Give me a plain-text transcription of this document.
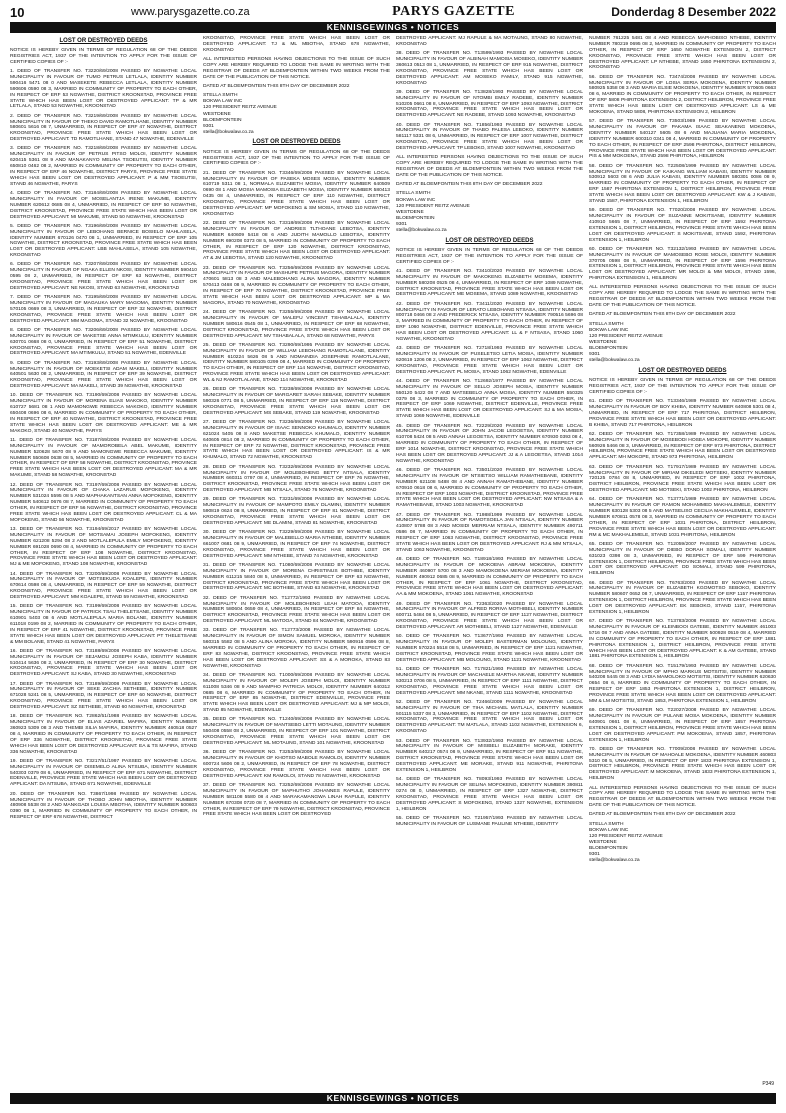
10	www.parysgazette.co.za	PARYS GAZETTE	Donderdag 8 Desember 2022
KENNISGEWINGS • NOTICES
LOST OR DESTROYED DEEDS

NOTICE IS HEREBY GIVEN IN TERMS OF REGULATION 68 OF THE DEEDS REGISTRIES ACT, 1937 OF THE INTENTION TO APPLY FOR THE ISSUE OF CERTIFIED COPIES OF :-

1. DEED OF TRANSFER NO. T3220/69/2008 PASSED BY NGWATHE LOCAL MUNICIPALITY IN FAVOUR OF TUMO PETRUS LETLALA, IDENTITY NUMBER 590416 5471 08 0 AND MASEKETE REBECCA LETLALA, IDENTITY NUMBER 590606 0590 08 3, MARRIED IN COMMUNITY OF PROPERTY TO EACH OTHER, IN RESPECT OF ERF 53 NGWATHE, DISTRICT KROONSTAD, PROVINCE FREE STATE WHICH HAS BEEN LOST OR DESTROYED APPLICANT: TP & MR LETLALA, STAND 53 NGWATHE, KROONSTAD

2. DEED OF TRANSFER NO. T3219/69/2008 PASSED BY NGWATHE LOCAL MUNICIPALITY IN FAVOUR OF THEKO DAVID RAMOTLHANE, IDENTITY NUMBER 580601 5616 08 7, UNMARRIED, IN RESPECT OF ERF 47 NGWATHE, DISTRICT KROONSTAD, PROVINCE FREE STATE WHICH HAS BEEN LOST OR DESTROYED APPLICANT: TD RAMOTLHANE, STAND 47 NGWATHE, EDENVILLE

3. DEED OF TRANSFER NO. T3218/69/2008 PASSED BY NGWATHE LOCAL MUNICIPALITY IN FAVOUR OF PETRUS PITSO MOLOI, IDENTITY NUMBER 620415 5361 08 9 AND MANAKANYO MELINA TSOEUTSI, IDENTITY NUMBER 650810 0462 08 2, MARRIED IN COMMUNITY OF PROPERTY TO EACH OTHER, IN RESPECT OF ERF 46 NGWATHE, DISTRICT PARYS, PROVINCE FREE STATE WHICH HAS BEEN LOST OR DESTROYED APPLICANT: P & MM TSOEUTSI, STAND 46 NGWATHE, PARYS

4. DEED OF TRANSFER NO. T3184/69/2008 PASSED BY NGWATHE LOCAL MUNICIPALITY IN FAVOUR OF MOSELANTJA IRENE MAKUME, IDENTITY NUMBER 620612 0685 08 4, UNMARRIED, IN RESPECT OF ERF 50 NGWATHE, DISTRICT KROONSTAD, PROVINCE FREE STATE WHICH HAS BEEN LOST OR DESTROYED APPLICANT: MI MAKUME, STAND 50 NGWATHE, KROONSTAD

5. DEED OF TRANSFER NO. T3196/69/2008 PASSED BY NGWATHE LOCAL MUNICIPALITY IN FAVOUR OF LEBOHANG BERNICE BOSIELO MAHLASELA, IDENTITY NUMBER 670126 0470 08 1, UNMARRIED, IN RESPECT OF ERF 105 NGWATHE, DISTRICT KROONSTAD, PROVINCE FREE STATE WHICH HAS BEEN LOST OR DESTROYED APPLICANT: LBB MAHLASELA, STAND 105 NGWATHE, KROONSTAD

6. DEED OF TRANSFER NO. T3207/69/2008 PASSED BY NGWATHE LOCAL MUNICIPALITY IN FAVOUR OF NGAKA ELLEN NKOSI, IDENTITY NUMBER 590410 0595 08 2, UNMARRIED, IN RESPECT OF ERF 63 NGWATHE, DISTRICT KROONSTAD, PROVINCE FREE STATE WHICH HAS BEEN LOST OR DESTROYED APPLICANT: NE NKOSI, STAND 63 NGWATHE, KROONSTAD

7. DEED OF TRANSFER NO. T3195/69/2008 PASSED BY NGWATHE LOCAL MUNICIPALITY IN FAVOUR OF MAGAUKA MARY MAGOMA, IDENTITY NUMBER 570105 0669 08 3, UNMARRIED, IN RESPECT OF ERF 32 NGWATHE, DISTRICT KROONSTAD, PROVINCE FREE STATE WHICH HAS BEEN LOST OR DESTROYED APPLICANT: MM MAGOMA, STAND 32 NGWATHE, KROONSTAD

8. DEED OF TRANSFER NO. T3206/69/2008 PASSED BY NGWATHE LOCAL MUNICIPALITY IN FAVOUR OF MAKETSE ANNA MTIMKULU, IDENTITY NUMBER 630701 0668 08 0, UNMARRIED, IN RESPECT OF ERF 51 NGWATHE, DISTRICT KROONSTAD, PROVINCE FREE STATE WHICH HAS BEEN LOST OR DESTROYED APPLICANT: MA MTIMKULU, STAND 51 NGWATHE, EDENVILLE

9. DEED OF TRANSFER NO. T3193/69/2008 PASSED BY NGWATHE LOCAL MUNICIPALITY IN FAVOUR OF MOEKETSI ADAM MAKELI, IDENTITY NUMBER 640501 5630 08 2, UNMARRIED, IN RESPECT OF ERF 39 NGWATHE, DISTRICT KROONSTAD, PROVINCE FREE STATE WHICH HAS BEEN LOST OR DESTROYED APPLICANT: MA MAKELI, STAND 39 NGWATHE, KROONSTAD

10. DEED OF TRANSFER NO. T3190/69/2008 PASSED BY NGWATHE LOCAL MUNICIPALITY IN FAVOUR OF MORENA ELIAS MAKOKO, IDENTITY NUMBER 610727 5681 08 1 AND MAMONGWE REBECCA MAKOKO, IDENTITY NUMBER 650408 0696 08 6, MARRIED IN COMMUNITY OF PROPERTY TO EACH OTHER, IN RESPECT OF ERF 40 NGWATHE, DISTRICT KROONSTAD, PROVINCE FREE STATE WHICH HAS BEEN LOST OR DESTROYED APPLICANT: ME & MR MAKOKO, STAND 40 NGWATHE, PARYS

11. DEED OF TRANSFER NO. T3187/69/2008 PASSED BY NGWATHE LOCAL MUNICIPALITY IN FAVOUR OF MAMOROBELA ABEL MAKUME, IDENTITY NUMBER 520628 5670 08 9 AND MAMONGWE REBECCA MAKUME, IDENTITY NUMBER 550608 0638 08 5, MARRIED IN COMMUNITY OF PROPERTY TO EACH OTHER, IN RESPECT OF ERF 58 NGWATHE, DISTRICT KROONSTAD, PROVINCE FREE STATE WHICH HAS BEEN LOST OR DESTROYED APPLICANT: MA & MR MAKUME, STAND 58 NGWATHE, KROONSTAD

12. DEED OF TRANSFER NO. T3197/69/2008 PASSED BY NGWATHE LOCAL MUNICIPALITY IN FAVOUR OF CHAKA LAZARUS MOFOKENG, IDENTITY NUMBER 531024 5595 08 5 AND MAPHAKANTSAN ANNA MOFOKENG, IDENTITY NUMBER 540612 0676 08 7, MARRIED IN COMMUNITY OF PROPERTY TO EACH OTHER, IN RESPECT OF ERF 56 NGWATHE, DISTRICT KROONSTAD, PROVINCE FREE STATE WHICH HAS BEEN LOST OR DESTROYED APPLICANT: CL & MA MOFOKENG, STAND 56 NGWATHE, KROONSTAD

13. DEED OF TRANSFER NO. T3194/69/2017 PASSED BY NGWATHE LOCAL MUNICIPALITY IN FAVOUR OF MOTSAMAI JOSEPH MOFOKENG, IDENTITY NUMBER 621208 5294 08 2 AND MOTLALEPULA EMILY MOFOKENG, IDENTITY NUMBER 691028 0690 08 4, MARRIED IN COMMUNITY OF PROPERTY TO EACH OTHER, IN RESPECT OF ERF 108 NGWATHE, DISTRICT KROONSTAD, PROVINCE FREE STATE WHICH HAS BEEN LOST OR DESTROYED APPLICANT: MJ & ME MOFOKENG, STAND 108 NGWATHE, KROONSTAD

14. DEED OF TRANSFER NO. T3200/69/2008 PASSED BY NGWATHE LOCAL MUNICIPALITY IN FAVOUR OF MOTSEKUOA KOALEPE, IDENTITY NUMBER 670614 0598 08 4, UNMARRIED, IN RESPECT OF ERF 59 NGWATHE, DISTRICT KROONSTAD, PROVINCE FREE STATE WHICH HAS BEEN LOST OR DESTROYED APPLICANT: MM KOALEPE, STAND 59 NGWATHE, KROONSTAD

15. DEED OF TRANSFER NO. T3199/69/2008 PASSED BY NGWATHE LOCAL MUNICIPALITY IN FAVOUR OF PATRICK TSAU THELETSANE, IDENTITY NUMBER 610901 5403 08 6 AND MOTLALEPULA MARIA BOLANE, IDENTITY NUMBER 611018 0199 08 2, MARRIED IN COMMUNITY OF PROPERTY TO EACH OTHER, IN RESPECT OF ERF 41 NGWATHE, DISTRICT KROONSTAD, PROVINCE FREE STATE WHICH HAS BEEN LOST OR DESTROYED APPLICANT: PT THELETSANE & MM BOLANE, STAND 41 NGWATHE, PARYS

16. DEED OF TRANSFER NO. T3188/69/2008 PASSED BY NGWATHE LOCAL MUNICIPALITY IN FAVOUR OF SEJAMOLI JOSEPH KABA, IDENTITY NUMBER 510414 5636 08 2, UNMARRIED, IN RESPECT OF ERF 30 NGWATHE, DISTRICT KROONSTAD, PROVINCE FREE STATE WHICH HAS BEEN LOST OR DESTROYED APPLICANT: SJ KABA, STAND 30 NGWATHE, KROONSTAD

17. DEED OF TRANSFER NO. T3189/69/2008 PASSED BY NGWATHE LOCAL MUNICIPALITY IN FAVOUR OF SEKE ZACHIA SETHEBE, IDENTITY NUMBER 671028 5241 08 5, UNMARRIED, IN RESPECT OF ERF 60 NGWATHE, DISTRICT KROONSTAD, PROVINCE FREE STATE WHICH HAS BEEN LOST OR DESTROYED APPLICANT: SZ SETHEBE, STAND 60 NGWATHE, KROONSTAD

18. DEED OF TRANSFER NO. T2862/51/1988 PASSED BY NGWATHE LOCAL MUNICIPALITY IN FAVOUR OF ELIAS AZARIEL MAFIRA, IDENTITY NUMBER 360923 5309 08 3 AND THEMBI SILIA MAFIRA, IDENTITY NUMBER 460518 0527 08 4, MARRIED IN COMMUNITY OF PROPERTY TO EACH OTHER, IN RESPECT OF ERF 336 NGWATHE, DISTRICT KROONSTAD, PROVINCE FREE STATE WHICH HAS BEEN LOST OR DESTROYED APPLICANT: EA & TS MAFIRA, STAND 336 NGWATHE, KROONSTAD

19. DEED OF TRANSFER NO. T3217/51/1997 PASSED BY NGWATHE LOCAL MUNICIPALITY IN FAVOUR OF DISEMELO ALINA NTSUBA, IDENTITY NUMBER 540303 0379 08 6, UNMARRIED, IN RESPECT OF ERF 671 NGWATHE, DISTRICT EDENVILLE, PROVINCE FREE STATE WHICH HAS BEEN LOST OR DESTROYED APPLICANT: DA NTSUBA, STAND 671 NGWATHE, EDENVILLE

20. DEED OF TRANSFER NO. T3867/1998 PASSED BY NGWATHE LOCAL MUNICIPALITY IN FAVOUR OF THOBO JOHN MBOTHA, IDENTITY NUMBER 480908 5538 08 2 AND MANKGADI LOUISA MBOTHA, IDENTITY NUMBER 500603 0390 08 1, MARRIED IN COMMUNITY OF PROPERTY TO EACH OTHER, IN RESPECT OF ERF 678 NGWATHE, DISTRICT

KROONSTAD, PROVINCE FREE STATE WHICH HAS BEEN LOST OR DESTROYED APPLICANT: TJ & ML MBOTHA, STAND 678 NGWATHE, KROONSTAD

ALL INTERESTED PERSONS HAVING OBJECTIONS TO THE ISSUE OF SUCH COPY ARE HEREBY REQUIRED TO LODGE THE SAME IN WRITING WITH THE REGISTRAR OF DEEDS AT BLOEMFONTEIN WITHIN TWO WEEKS FROM THE DATE OF THE PUBLICATION OF THIS NOTICE.

DATED AT BLOEMFONTEIN THIS 8TH DAY OF DECEMBER 2022

STELLA SMITH
BOKWA LAW INC
120 PRESIDENT REITZ AVENUE
WESTDENE
BLOEMFONTEIN
9301
stella@bokwalaw.co.za
LOST OR DESTROYED DEEDS

NOTICE IS HEREBY GIVEN IN TERMS OF REGULATION 68 OF THE DEEDS REGISTRIES ACT, 1937 OF THE INTENTION TO APPLY FOR THE ISSUE OF CERTIFIED COPIES OF :-

21. DEED OF TRANSFER NO. T3346/69/2008 PASSED BY NGWATHE LOCAL MUNICIPALITY IN FAVOUR OF PASEKA MOSES MOSIA, IDENTITY NUMBER 610719 5311 08 1, NORMALA ELIZABETH MOSIA, IDENTITY NUMBER 640509 0690 08 1 AND MOSIA MAMOSIA ELIZABETH MOSIA, IDENTITY NUMBER 580413 0435 08 4, UNMARRIED, IN RESPECT OF ERF 110 NGWATHE, DISTRICT KROONSTAD, PROVINCE FREE STATE WHICH HAS BEEN LOST OR DESTROYED APPLICANT: MP MOFOKENG & SM MOSIA, STAND 110 NGWATHE, KROONSTAD

22. DEED OF TRANSFER NO. T3318/69/2008 PASSED BY NGWATHE LOCAL MUNICIPALITY IN FAVOUR OF ANDRIES TLTHOANE LEBOTSA, IDENTITY NUMBER 640609 5418 08 6 AND JUDITH MAMOLLO LEBOTSA, IDENTITY NUMBER 690208 0373 08 5, MARRIED IN COMMUNITY OF PROPERTY TO EACH OTHER, IN RESPECT OF ERF 120 NGWATHE, DISTRICT KROONSTAD, PROVINCE FREE STATE WHICH HAS BEEN LOST OR DESTROYED APPLICANT: AT & JM LEBOTSA, STAND 120 NGWATHE, KROONSTAD

23. DEED OF TRANSFER NO. T3256/69/2008 PASSED BY NGWATHE LOCAL MUNICIPALITY IN FAVOUR OF MASHUPE PETRUS MAGORA, IDENTITY NUMBER 470601 5813 08 3 AND MALEBOHANG ALINA MAGORA, IDENTITY NUMBER 570413 0468 08 9, MARRIED IN COMMUNITY OF PROPERTY TO EACH OTHER, IN RESPECT OF ERF 70 NGWATHE, DISTRICT KROONSTAD, PROVINCE FREE STATE WHICH HAS BEEN LOST OR DESTROYED APPLICANT: MP & MA MAGORA, STAND 70 NGWATHE, KROONSTAD

24. DEED OF TRANSFER NO. T3255/69/2008 PASSED BY NGWATHE LOCAL MUNICIPALITY IN FAVOUR OF MALEFU VINCENT TSHABALALA, IDENTITY NUMBER 580616 0545 08 1, UNMARRIED, IN RESPECT OF ERF 68 NGWATHE, DISTRICT KROONSTAD, PROVINCE FREE STATE WHICH HAS BEEN LOST OR DESTROYED APPLICANT: MV TSHABALALA, STAND 68 NGWATHE, PARYS

25. DEED OF TRANSFER NO. T3290/69/1995 PASSED BY NGWATHE LOCAL MUNICIPALITY IN FAVOUR OF WILLIAM LEBOHANG RAMOTLALANE, IDENTITY NUMBER 610224 5626 08 5 AND NOMAINDIA JOSEPHINE RAMOTLALANE, IDENTITY NUMBER 580105 0299 08 4, MARRIED IN COMMUNITY OF PROPERTY TO EACH OTHER, IN RESPECT OF ERF 114 NGWATHE, DISTRICT KROONSTAD, PROVINCE FREE STATE WHICH HAS BEEN LOST OR DESTROYED APPLICANT: WL & NJ RAMOTLALANE, STAND 114 NGWATHE, KROONSTAD

26. DEED OF TRANSFER NO. T3238/69/2008 PASSED BY NGWATHE LOCAL MUNICIPALITY IN FAVOUR OF MARGARET SARAH SEBAKE, IDENTITY NUMBER 590326 0771 08 5, UNMARRIED, IN RESPECT OF ERF 119 NGWATHE, DISTRICT KROONSTAD, PROVINCE FREE STATE WHICH HAS BEEN LOST OR DESTROYED APPLICANT: MS SEBAKE, STAND 119 NGWATHE, KROONSTAD

27. DEED OF TRANSFER NO. T3236/69/2008 PASSED BY NGWATHE LOCAL MUNICIPALITY IN FAVOUR OF ISAAC SENNOKO KHUMALO, IDENTITY NUMBER 621024 5405 08 8 AND MAKETSE REBECCA KHUMALO, IDENTITY NUMBER 640605 0814 08 2, MARRIED IN COMMUNITY OF PROPERTY TO EACH OTHER, IN RESPECT OF ERF 72 NGWATHE, DISTRICT KROONSTAD, PROVINCE FREE STATE WHICH HAS BEEN LOST OR DESTROYED APPLICANT: IS & MR KHUMALO, STAND 72 NGWATHE, KROONSTAD

28. DEED OF TRANSFER NO. T3232/69/2008 PASSED BY NGWATHE LOCAL MUNICIPALITY IN FAVOUR OF MOLEBOHENG BETTY NTSALA, IDENTITY NUMBER 660311 0797 08 4, UNMARRIED, IN RESPECT OF ERF 76 NGWATHE, DISTRICT KROONSTAD, PROVINCE FREE STATE WHICH HAS BEEN LOST OR DESTROYED APPLICANT: MB NTSALA, STAND 76 NGWATHE, KROONSTAD

29. DEED OF TRANSFER NO. T3231/69/2008 PASSED BY NGWATHE LOCAL MUNICIPALITY IN FAVOUR OF MAMPOTO EMILY DLAMINI, IDENTITY NUMBER 590819 0624 08 8, UNMARRIED, IN RESPECT OF ERF 81 NGWATHE, DISTRICT KROONSTAD, PROVINCE FREE STATE WHICH HAS BEEN LOST OR DESTROYED APPLICANT: ME DLAMINI, STAND 81 NGWATHE, KROONSTAD

30. DEED OF TRANSFER NO. T3229/69/2008 PASSED BY NGWATHE LOCAL MUNICIPALITY IN FAVOUR OF MALEBELLO MARIA NTHEBE, IDENTITY NUMBER 661007 0681 08 9, UNMARRIED, IN RESPECT OF ERF 74 NGWATHE, DISTRICT KROONSTAD, PROVINCE FREE STATE WHICH HAS BEEN LOST OR DESTROYED APPLICANT: MM NTHEBE, STAND 74 NGWATHE, KROONSTAD

31. DEED OF TRANSFER NO. T1080/69/2008 PASSED BY NGWATHE LOCAL MUNICIPALITY IN FAVOUR OF MORENA CHRISTINUS BOTHIBE, IDENTITY NUMBER 611215 5840 08 5, UNMARRIED, IN RESPECT OF ERF 63 NGWATHE, DISTRICT KROONSTAD, PROVINCE FREE STATE WHICH HAS BEEN LOST OR DESTROYED APPLICANT: MC BOTHIBE, STAND 63 NGWATHE, KROONSTAD

32. DEED OF TRANSFER NO. T12772/1993 PASSED BY NGWATHE LOCAL MUNICIPALITY IN FAVOUR OF MOLEBOHENG LEAH MATOOA, IDENTITY NUMBER 580604 0659 08 4, UNMARRIED, IN RESPECT OF ERF 84 NGWATHE, DISTRICT KROONSTAD, PROVINCE FREE STATE WHICH HAS BEEN LOST OR DESTROYED APPLICANT: ML MATOOA, STAND 84 NGWATHE, KROONSTAD

33. DEED OF TRANSFER NO. T12773/2008 PASSED BY NGWATHE LOCAL MUNICIPALITY IN FAVOUR OF SIMON SAMUEL MOROKA, IDENTITY NUMBER 560315 5582 08 5 AND ALINA MOROKA, IDENTITY NUMBER 590916 0596 08 8, MARRIED IN COMMUNITY OF PROPERTY TO EACH OTHER, IN RESPECT OF ERF 83 NGWATHE, DISTRICT KROONSTAD, PROVINCE FREE STATE WHICH HAS BEEN LOST OR DESTROYED APPLICANT: SS & A MOROKA, STAND 83 NGWATHE, KROONSTAD

34. DEED OF TRANSFER NO. T1000/69/2008 PASSED BY NGWATHE LOCAL MUNICIPALITY IN FAVOUR OF MOLEFI JOSEPH MOLOI, IDENTITY NUMBER 611008 5346 08 9 AND MAMPHO PATRICIA MOLOI, IDENTITY NUMBER 640312 0685 08 6, MARRIED IN COMMUNITY OF PROPERTY TO EACH OTHER, IN RESPECT OF ERF 85 NGWATHE, DISTRICT EDENVILLE, PROVINCE FREE STATE WHICH HAS BEEN LOST OR DESTROYED APPLICANT: MJ & MP MOLOI, STAND 85 NGWATHE, EDENVILLE

35. DEED OF TRANSFER NO. T1240/69/2008 PASSED BY NGWATHE LOCAL MUNICIPALITY IN FAVOUR OF MANTSEBO LETTI MOTAUNG, IDENTITY NUMBER 550408 0558 08 2, UNMARRIED, IN RESPECT OF ERF 101 NGWATHE, DISTRICT KROONSTAD, PROVINCE FREE STATE WHICH HAS BEEN LOST OR DESTROYED APPLICANT: ML MOTAUNG, STAND 101 NGWATHE, KROONSTAD

36. DEED OF TRANSFER NO. T3253/69/2008 PASSED BY NGWATHE LOCAL MUNICIPALITY IN FAVOUR OF KHOTSO MABOLE RAMOLOI, IDENTITY NUMBER 600724 5606 08 2, UNMARRIED, IN RESPECT OF ERF 78 NGWATHE, DISTRICT KROONSTAD, PROVINCE FREE STATE WHICH HAS BEEN LOST OR DESTROYED APPLICANT: KM RAMOLOI, STAND 78 NGWATHE, KROONSTAD

37. DEED OF TRANSFER NO. T3252/69/2008 PASSED BY NGWATHE LOCAL MUNICIPALITY IN FAVOUR OF MAPHUTHO JOHANNES RAPULE, IDENTITY NUMBER 581108 5580 08 4 AND MARAKAMANGWA LINAH RAPULE, IDENTITY NUMBER 670308 0720 08 7, MARRIED IN COMMUNITY OF PROPERTY TO EACH OTHER, IN RESPECT OF ERF 79 NGWATHE, DISTRICT KROONSTAD, PROVINCE FREE STATE WHICH HAS BEEN LOST OR DESTROYED

DESTROYED APPLICANT: MJ RAPULE & MA MOTAUNG, STAND 80 NGWATHE, KROONSTAD

38. DEED OF TRANSFER NO. T13599/1993 PASSED BY NGWATHE LOCAL MUNICIPALITY IN FAVOUR OF ALBINAH MAMOSIA MOSEKO, IDENTITY NUMBER 360613 0513 08 1, UNMARRIED, IN RESPECT OF ERF 915 NGWATHE, DISTRICT KROONSTAD, PROVINCE FREE STATE WHICH HAS BEEN LOST OR DESTROYED APPLICANT: AM MOSEKO FAMILY, STAND 915 NGWATHE, KROONSTAD

39. DEED OF TRANSFER NO. T13828/1993 PASSED BY NGWATHE LOCAL MUNICIPALITY IN FAVOUR OF NTOMBI EMILY RADEBE, IDENTITY NUMBER 510205 0661 08 8, UNMARRIED, IN RESPECT OF ERF 1093 NGWATHE, DISTRICT KROONSTAD, PROVINCE FREE STATE WHICH HAS BEEN LOST OR DESTROYED APPLICANT: NE RADEBE, STAND 1093 NGWATHE, KROONSTAD

40. DEED OF TRANSFER NO. T1856/1993 PASSED BY NGWATHE LOCAL MUNICIPALITY IN FAVOUR OF THABO PALESA LEBOKO, IDENTITY NUMBER 581117 5331 08 6, UNMARRIED, IN RESPECT OF ERF 1007 NGWATHE, DISTRICT KROONSTAD, PROVINCE FREE STATE WHICH HAS BEEN LOST OR DESTROYED APPLICANT: TP LEBOKO, STAND 1007 NGWATHE, KROONSTAD

ALL INTERESTED PERSONS HAVING OBJECTIONS TO THE ISSUE OF SUCH COPY ARE HEREBY REQUIRED TO LODGE THE SAME IN WRITING WITH THE REGISTRAR OF DEEDS AT BLOEMFONTEIN WITHIN TWO WEEKS FROM THE DATE OF THE PUBLICATION OF THIS NOTICE.

DATED AT BLOEMFONTEIN THIS 8TH DAY OF DECEMBER 2022

STELLA SMITH
BOKWA LAW INC
120 PRESIDENT REITZ AVENUE
WESTDENE
BLOEMFONTEIN
9301
stella@bokwalaw.co.za
LOST OR DESTROYED DEEDS

NOTICE IS HEREBY GIVEN IN TERMS OF REGULATION 68 OF THE DEEDS REGISTRIES ACT, 1937 OF THE INTENTION TO APPLY FOR THE ISSUE OF CERTIFIED COPIES OF :-

41. DEED OF TRANSFER NO. T3410/2020 PASSED BY NGWATHE LOCAL MUNICIPALITY IN FAVOUR OF MAKOKENG ELIZABETH MOSEMA, IDENTITY NUMBER 580208 0525 08 4, UNMARRIED, IN RESPECT OF ERF 1089 NGWATHE, DISTRICT KROONSTAD, PROVINCE FREE STATE WHICH HAS BEEN LOST OR DESTROYED APPLICANT: ME MOSEMA, STAND 1089 NGWATHE, KROONSTAD

42. DEED OF TRANSFER NO. T3411/2020 PASSED BY NGWATHE LOCAL MUNICIPALITY IN FAVOUR OF LERATO LEBOHANG NTSASA, IDENTITY NUMBER 800718 0466 08 2 AND FREDERICK NTSASA, IDENTITY NUMBER 790516 5696 08 3, MARRIED IN COMMUNITY OF PROPERTY TO EACH OTHER, IN RESPECT OF ERF 1060 NGWATHE, DISTRICT EDENVILLE, PROVINCE FREE STATE WHICH HAS BEEN LOST OR DESTROYED APPLICANT: LL & F NTSASA, STAND 1060 NGWATHE, KROONSTAD

43. DEED OF TRANSFER NO. T2718/1993 PASSED BY NGWATHE LOCAL MUNICIPALITY IN FAVOUR OF PUSELETSO LETIA MOSIA, IDENTITY NUMBER 620619 1206 08 2, UNMARRIED, IN RESPECT OF ERF 1062 NGWATHE, DISTRICT KROONSTAD, PROVINCE FREE STATE WHICH HAS BEEN LOST OR DESTROYED APPLICANT: PL MOSIA, STAND 1062 NGWATHE, EDENVILLE

44. DEED OF TRANSFER NO. T12692/1977 PASSED BY NGWATHE LOCAL MUNICIPALITY IN FAVOUR OF SELLO JOSEPH MOSIA, IDENTITY NUMBER 550120 5422 08 7 AND MATSEBELO ANNA MOSIA, IDENTITY NUMBER 550325 0379 08 3, MARRIED IN COMMUNITY OF PROPERTY TO EACH OTHER, IN RESPECT OF ERF 1069 NGWATHE, DISTRICT EDENVILLE, PROVINCE FREE STATE WHICH HAS BEEN LOST OR DESTROYED APPLICANT: SJ & MA MOSIA, STAND 1069 NGWATHE, EDENVILLE

45. DEED OF TRANSFER NO. T2229/2020 PASSED BY NGWATHE LOCAL MUNICIPALITY IN FAVOUR OF JOHN JACOB LEGOETSA, IDENTITY NUMBER 610708 5424 08 5 AND ANNAH LEGOETSA, IDENTITY NUMBER 670930 0393 08 4, MARRIED IN COMMUNITY OF PROPERTY TO EACH OTHER, IN RESPECT OF ERF 1014 NGWATHE, DISTRICT KROONSTAD, PROVINCE FREE STATE WHICH HAS BEEN LOST OR DESTROYED APPLICANT: JJ & A LEGOETSA, STAND 1014 NGWATHE, KROONSTAD

46. DEED OF TRANSFER NO. T3501/2020 PASSED BY NGWATHE LOCAL MUNICIPALITY IN FAVOUR OF NTSIETSO WILLIAM RAMATHEBANE, IDENTITY NUMBER 621108 5488 08 4 AND ANNAH RAMATHEBANE, IDENTITY NUMBER 670910 0618 08 6, MARRIED IN COMMUNITY OF PROPERTY TO EACH OTHER, IN RESPECT OF ERF 1003 NGWATHE, DISTRICT KROONSTAD, PROVINCE FREE STATE WHICH HAS BEEN LOST OR DESTROYED APPLICANT: NW NTSASA & A RAMATHEBANE, STAND 1003 NGWATHE, KROONSTAD

47. DEED OF TRANSFER NO. T1988/1999 PASSED BY NGWATHE LOCAL MUNICIPALITY IN FAVOUR OF RAMOTSOELA JAN NTSALA, IDENTITY NUMBER 410807 5788 08 3 AND MOSIDI MERRIAM NTSALA, IDENTITY NUMBER 490711 0586 08 7, MARRIED IN COMMUNITY OF PROPERTY TO EACH OTHER, IN RESPECT OF ERF 1063 NGWATHE, DISTRICT KROONSTAD, PROVINCE FREE STATE WHICH HAS BEEN LOST OR DESTROYED APPLICANT: RJ & MM NTSALA, STAND 1063 NGWATHE, KROONSTAD

48. DEED OF TRANSFER NO. T18918/1993 PASSED BY NGWATHE LOCAL MUNICIPALITY IN FAVOUR OF MOKOENA ABRAM MOKOENA, IDENTITY NUMBER 460907 5700 08 3 AND MAMOKOENA MERIAM MOKOENA, IDENTITY NUMBER 490912 0685 08 9, MARRIED IN COMMUNITY OF PROPERTY TO EACH OTHER, IN RESPECT OF ERF 1061 NGWATHE, DISTRICT KROONSTAD, PROVINCE FREE STATE WHICH HAS BEEN LOST OR DESTROYED APPLICANT: AA & MM MOKOENA, STAND 1061 NGWATHE, KROONSTAD

49. DEED OF TRANSFER NO. T2363/2020 PASSED BY NGWATHE LOCAL MUNICIPALITY IN FAVOUR OF ALFRED RORIVA MOTHIBELI, IDENTITY NUMBER 600711 5484 08 5, UNMARRIED, IN RESPECT OF ERF 1127 NGWATHE, DISTRICT KROONSTAD, PROVINCE FREE STATE WHICH HAS BEEN LOST OR DESTROYED APPLICANT: AR MOTHIBELI, STAND 1127 NGWATHE, EDENVILLE

50. DEED OF TRANSFER NO. T13677/1993 PASSED BY NGWATHE LOCAL MUNICIPALITY IN FAVOUR OF MOLEFI BASTERMAN MOLOUNG, IDENTITY NUMBER 570224 5518 08 5, UNMARRIED, IN RESPECT OF ERF 1121 NGWATHE, DISTRICT KROONSTAD, PROVINCE FREE STATE WHICH HAS BEEN LOST OR DESTROYED APPLICANT: MB MOLOUNG, STAND 1121 NGWATHE, KROONSTAD

51. DEED OF TRANSFER NO. T17821/1993 PASSED BY NGWATHE LOCAL MUNICIPALITY IN FAVOUR OF MACHAELE MARTHA NKANE, IDENTITY NUMBER 530213 0706 08 5, UNMARRIED, IN RESPECT OF ERF 1111 NGWATHE, DISTRICT KROONSTAD, PROVINCE FREE STATE WHICH HAS BEEN LOST OR DESTROYED APPLICANT: MM NKANE, STAND 1111 NGWATHE, KROONSTAD

52. DEED OF TRANSFER NO. T2466/2009 PASSED BY NGWATHE LOCAL MUNICIPALITY IN FAVOUR OF TIHA MICHAEL MATLALA, IDENTITY NUMBER 501115 5337 08 3, UNMARRIED, IN RESPECT OF ERF 1102 NGWATHE, DISTRICT KROONSTAD, PROVINCE FREE STATE WHICH HAS BEEN LOST OR DESTROYED APPLICANT: TM MATLALA, STAND 1102 NGWATHE, EXTENSION 6, KROONSTAD

53. DEED OF TRANSFER NO. T13932/1993 PASSED BY NGWATHE LOCAL MUNICIPALITY IN FAVOUR OF MISIBELI ELIZABETH MORAKE, IDENTITY NUMBER 640217 0574 08 9, UNMARRIED, IN RESPECT OF ERF 911 NGWATHE, DISTRICT KROONSTAD, PROVINCE FREE STATE WHICH HAS BEEN LOST OR DESTROYED APPLICANT: ME MORAKE, STAND 911 NGWATHE, PHIRITONA EXTENSION 1, HEILBRON

54. DEED OF TRANSFER NO. T8093/1993 PASSED BY NGWATHE LOCAL MUNICIPALITY IN FAVOUR OF SELINA MOFOKENG, IDENTITY NUMBER 390811 0274 08 0, UNMARRIED, IN RESPECT OF ERF 1327 NGWATHE, DISTRICT KROONSTAD, PROVINCE FREE STATE WHICH HAS BEEN LOST OR DESTROYED APPLICANT: S MOFOKENG, STAND 1327 NGWATHE, EXTENSION 1, HEILBRON

55. DEED OF TRANSFER NO. T21957/1993 PASSED BY NGWATHE LOCAL MUNICIPALITY IN FAVOUR OF LUSMANE PAULINE NTHEBE, IDENTITY

NUMBER 761225 5481 08 4 AND REBECCA MAPHOBISO NTHEBE, IDENTITY NUMBER 780219 0695 08 2, MARRIED IN COMMUNITY OF PROPERTY TO EACH OTHER, IN RESPECT OF ERF 1650 NGWATHE EXTENSION 2, DISTRICT KROONSTAD, PROVINCE FREE STATE WHICH HAS BEEN LOST OR DESTROYED APPLICANT: LP NTHEBE, STAND 1650 PHIRITONA EXTENSION 2, KROONSTAD

56. DEED OF TRANSFER NO. T3474/2008 PASSED BY NGWATHE LOCAL MUNICIPALITY IN FAVOUR OF LOSIA SERIA MOKOENA, IDENTITY NUMBER 580925 5358 08 3 AND MARIA ELSIE MOKOENA, IDENTITY NUMBER 570605 0663 08 6, MARRIED IN COMMUNITY OF PROPERTY TO EACH OTHER, IN RESPECT OF ERF 5808 PHIRITONA EXTENSION 2, DISTRICT HEILBRON, PROVINCE FREE STATE WHICH HAS BEEN LOST OR DESTROYED APPLICANT: LS & ME MOKOENA, STAND 5808, PHIRITONA EXTENSION 2, HEILBRON

57. DEED OF TRANSFER NO. T3503/1989 PASSED BY NGWATHE LOCAL MUNICIPALITY IN FAVOUR OF PAKAMA ISAAC SEAKANENG MOKOENA, IDENTITY NUMBER 540127 5605 08 6 AND MAJUANA MARIA MOKOENA, IDENTITY NUMBER 600310 0341 08 4, MARRIED IN COMMUNITY OF PROPERTY TO EACH OTHER, IN RESPECT OF ERF 2598 PHIRITONA, DISTRICT HEILBRON, PROVINCE FREE STATE WHICH HAS BEEN LOST OR DESTROYED APPLICANT: PIS & MM MOKOENA, STAND 2598 PHIRITONA, HEILBRON

58. DEED OF TRANSFER NO. T22508/1999 PASSED BY NGWATHE LOCAL MUNICIPALITY IN FAVOUR OF KAIKANG WILLIAM KABASI, IDENTITY NUMBER 530912 5603 08 6 AND JULIA KABASI, IDENTITY NUMBER 580301 0086 08 9, MARRIED IN COMMUNITY OF PROPERTY TO EACH OTHER, IN RESPECT OF ERF 1587 PHIRITONA EXTENSION 1, DISTRICT HEILBRON, PROVINCE FREE STATE WHICH HAS BEEN LOST OR DESTROYED APPLICANT: KW & J KABASI, STAND 1587, PHIRITONA EXTENSION 1, HEILBRON

59. DEED OF TRANSFER NO. T7020/2008 PASSED BY NGWATHE LOCAL MUNICIPALITY IN FAVOUR OF SUZANNE MOKITSANE, IDENTITY NUMBER 410910 5665 08 7, UNMARRIED, IN RESPECT OF ERF 1592 PHIRITONA EXTENSION 1, DISTRICT HEILBRON, PROVINCE FREE STATE WHICH HAS BEEN LOST OR DESTROYED APPLICANT: S MOKITSANE, STAND 1592, PHIRITONA EXTENSION 1, HEILBRON

60. DEED OF TRANSFER NO. T32132/1993 PASSED BY NGWATHE LOCAL MUNICIPALITY IN FAVOUR OF MAMOSEBO ROSE MOLOI, IDENTITY NUMBER 370705 0598 08 5, UNMARRIED, IN RESPECT OF ERF 1596 PHIRITONA EXTENSION 1, DISTRICT HEILBRON, PROVINCE FREE STATE WHICH HAS BEEN LOST OR DESTROYED APPLICANT: MR MOLOI & MM MOLOI, STAND 1596, PHIRITONA EXTENSION 1, HEILBRON

ALL INTERESTED PERSONS HAVING OBJECTIONS TO THE ISSUE OF SUCH COPY ARE HEREBY REQUIRED TO LODGE THE SAME IN WRITING WITH THE REGISTRAR OF DEEDS AT BLOEMFONTEIN WITHIN TWO WEEKS FROM THE DATE OF THE PUBLICATION OF THIS NOTICE.

DATED AT BLOEMFONTEIN THIS 8TH DAY OF DECEMBER 2022

STELLA SMITH
BOKWA LAW INC
120 PRESIDENT REITZ AVENUE
WESTDENE
BLOEMFONTEIN
9301
stella@bokwalaw.co.za
LOST OR DESTROYED DEEDS

NOTICE IS HEREBY GIVEN IN TERMS OF REGULATION 68 OF THE DEEDS REGISTRIES ACT, 1937 OF THE INTENTION TO APPLY FOR THE ISSUE OF CERTIFIED COPIES OF :-

61. DEED OF TRANSFER NO. T13346/1989 PASSED BY NGWATHE LOCAL MUNICIPALITY IN FAVOUR OF BOY KHIBA, IDENTITY NUMBER 640808 5301 08 4, UNMARRIED, IN RESPECT OF ERF 717 PHIRITONA, DISTRICT HEILBRON, PROVINCE FREE STATE WHICH HAS BEEN LOST OR DESTROYED APPLICANT: B KHIBA, STAND 717 PHIRITONA, HEILBRON

62. DEED OF TRANSFER NO. T17358/1989 PASSED BY NGWATHE LOCAL MUNICIPALITY IN FAVOUR OF MOSEBODI HOSEA MOKOPE, IDENTITY NUMBER 560926 5466 08 3, UNMARRIED, IN RESPECT OF ERF 973 PHIRITONA, DISTRICT HEILBRON, PROVINCE FREE STATE WHICH HAS BEEN LOST OR DESTROYED APPLICANT: MH MOKOPE, STAND 973 PHIRITONA, HEILBRON

63. DEED OF TRANSFER NO. T17917/1989 PASSED BY NGWATHE LOCAL MUNICIPALITY IN FAVOUR OF MIRIAM DIKELEDI MOTSEKI, IDENTITY NUMBER 720125 0784 08 8, UNMARRIED, IN RESPECT OF ERF 1002 PHIRITONA, DISTRICT HEILBRON, PROVINCE FREE STATE WHICH HAS BEEN LOST OR DESTROYED APPLICANT: MD MOTSEKI, STAND 1002 PHIRITONA, HEILBRON

64. DEED OF TRANSFER NO. T13771/1989 PASSED BY NGWATHE LOCAL MUNICIPALITY IN FAVOUR OF RAMON MOHAMMED MAKHALEMELE, IDENTITY NUMBER 630128 5303 08 5 AND MATSELISO CECILIA MAKHALEMELE, IDENTITY NUMBER 670811 0578 08 3, MARRIED IN COMMUNITY OF PROPERTY TO EACH OTHER, IN RESPECT OF ERF 1031 PHIRITONA, DISTRICT HEILBRON, PROVINCE FREE STATE WHICH HAS BEEN LOST OR DESTROYED APPLICANT: RM & MC MAKHALEMELE, STAND 1031 PHIRITONA, HEILBRON

65. DEED OF TRANSFER NO. T12059/2007 PASSED BY NGWATHE LOCAL MUNICIPALITY IN FAVOUR OF DIEBO DORAH SOMALI, IDENTITY NUMBER 631023 0398 08 3, UNMARRIED, IN RESPECT OF ERF 599 PHIRITONA EXTENSION 1, DISTRICT HEILBRON, PROVINCE FREE STATE WHICH HAS BEEN LOST OR DESTROYED APPLICANT: DD SOMALI, STAND 599 PHIRITONA, HEILBRON

66. DEED OF TRANSFER NO. T6763/2003 PASSED BY NGWATHE LOCAL MUNICIPALITY IN FAVOUR OF ELIZABETH KGOMOTSO SEBOKO, IDENTITY NUMBER 580607 0652 08 7, UNMARRIED, IN RESPECT OF ERF 1157 PHIRITONA EXTENSION 1, DISTRICT HEILBRON, PROVINCE FREE STATE WHICH HAS BEEN LOST OR DESTROYED APPLICANT: EK SEBOKO, STAND 1157, PHIRITONA EXTENSION 1, HEILBRON

67. DEED OF TRANSFER NO. T13783/2008 PASSED BY NGWATHE LOCAL MUNICIPALITY IN FAVOUR OF KLEINBOOI GATEBE, IDENTITY NUMBER 461003 5716 08 7 AND ANNA GATEBE, IDENTITY NUMBER 500928 0519 08 4, MARRIED IN COMMUNITY OF PROPERTY TO EACH OTHER, IN RESPECT OF ERF 1881 PHIRITONA EXTENSION 1, DISTRICT HEILBRON, PROVINCE FREE STATE WHICH HAS BEEN LOST OR DESTROYED APPLICANT: K & AM GATEBE, STAND 1881 PHIRITONA EXTENSION 1, HEILBRON

68. DEED OF TRANSFER NO. T15179/1993 PASSED BY NGWATHE LOCAL MUNICIPALITY IN FAVOUR OF MPHO MARKUS MOTSITSI, IDENTITY NUMBER 540208 5445 08 3 AND LYDIA MAMOLOKO MOTSITSI, IDENTITY NUMBER 620630 0654 08 6, MARRIED IN COMMUNITY OF PROPERTY TO EACH OTHER, IN RESPECT OF ERF 1853 PHIRITONA EXTENSION 1, DISTRICT HEILBRON, PROVINCE FREE STATE WHICH HAS BEEN LOST OR DESTROYED APPLICANT: MM & LM MOTSITSI, STAND 1853, PHIRITONA EXTENSION 1, HEILBRON

69. DEED OF TRANSFER NO. T22027/2008 PASSED BY NGWATHE LOCAL MUNICIPALITY IN FAVOUR OF PULANE MOSA MOKOENA, IDENTITY NUMBER 640901 0661 08 6, UNMARRIED, IN RESPECT OF ERF 1857 PHIRITONA EXTENSION 1, DISTRICT HEILBRON, PROVINCE FREE STATE WHICH HAS BEEN LOST OR DESTROYED APPLICANT: PM MOKOENA, STAND 1857, PHIRITONA EXTENSION 1, HEILBRON

70. DEED OF TRANSFER NO. T7009/2008 PASSED BY NGWATHE LOCAL MUNICIPALITY IN FAVOUR OF MAHOALE MOKOENA, IDENTITY NUMBER 460803 5310 08 5, UNMARRIED, IN RESPECT OF ERF 1833 PHIRITONA EXTENSION 1, DISTRICT HEILBRON, PROVINCE FREE STATE WHICH HAS BEEN LOST OR DESTROYED APPLICANT: M MOKOENA, STAND 1833 PHIRITONA EXTENSION 1, HEILBRON

ALL INTERESTED PERSONS HAVING OBJECTIONS TO THE ISSUE OF SUCH COPY ARE HEREBY REQUIRED TO LODGE THE SAME IN WRITING WITH THE REGISTRAR OF DEEDS AT BLOEMFONTEIN WITHIN TWO WEEKS FROM THE DATE OF THE PUBLICATION OF THIS NOTICE.

DATED AT BLOEMFONTEIN THIS 8TH DAY OF DECEMBER 2022

STELLA SMITH
BOKWA LAW INC
120 PRESIDENT REITZ AVENUE
WESTDENE
BLOEMFONTEIN
9301
stella@bokwalaw.co.za
P349
KENNISGEWINGS • NOTICES
